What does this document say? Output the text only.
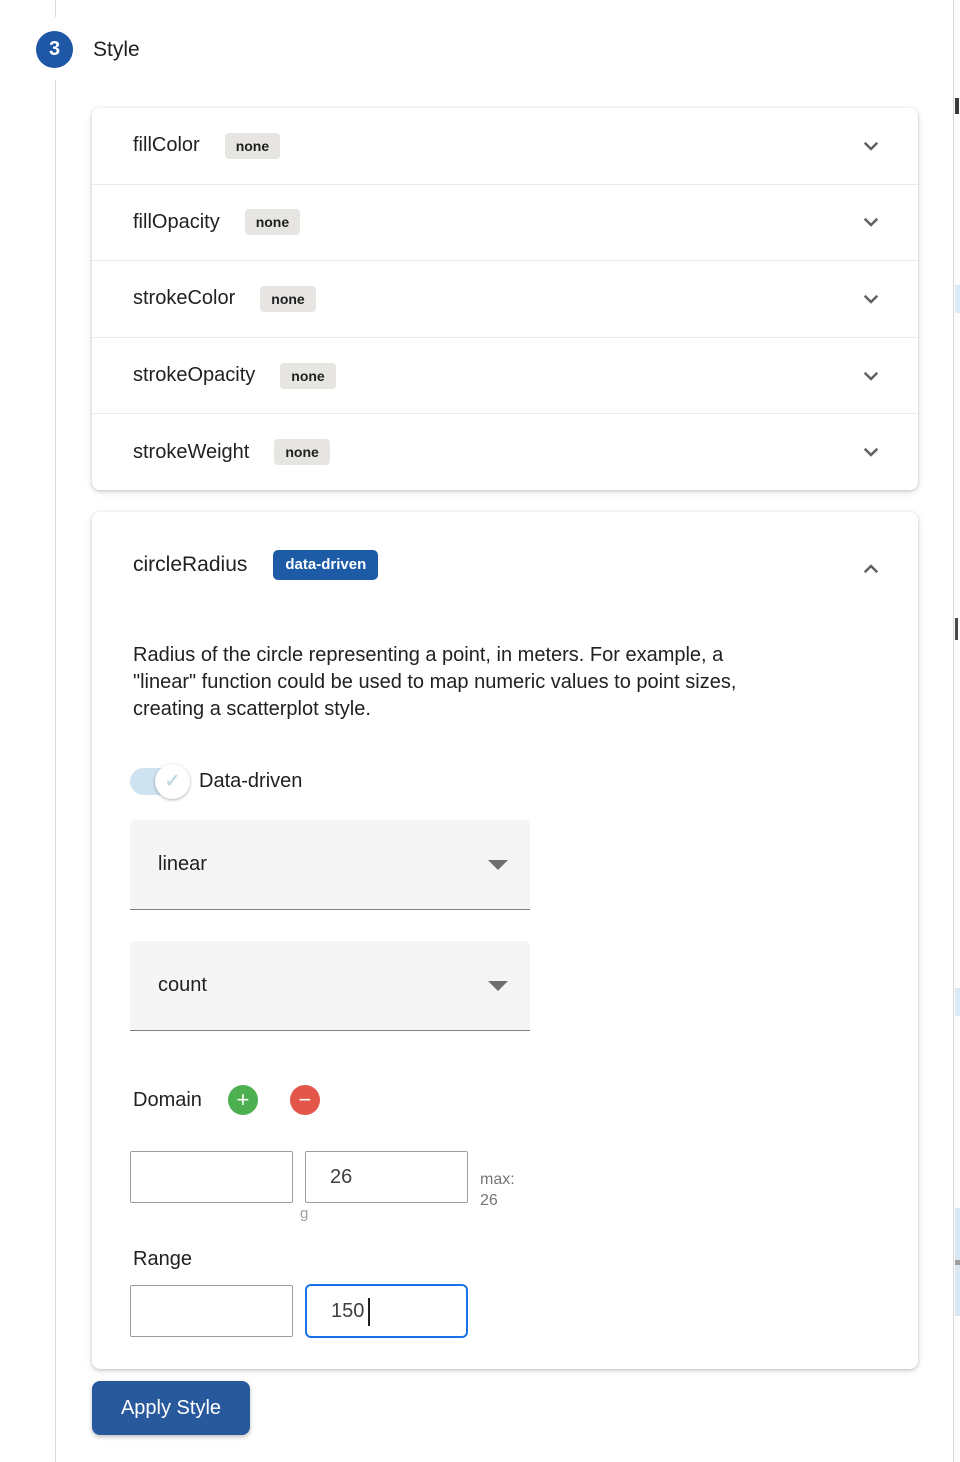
3 Style
fillColor	none
fillOpacity	none
strokeColor	none
strokeOpacity	none
strokeWeight	none
circleRadius	data-driven
Radius of the circle representing a point, in meters. For example, a
"linear" function could be used to map numeric values to point sizes,
creating a scatterplot style.
✓ Data-driven
linear
count
Domain + −
26
ɡ
max:
26
Range
150
Apply Style
